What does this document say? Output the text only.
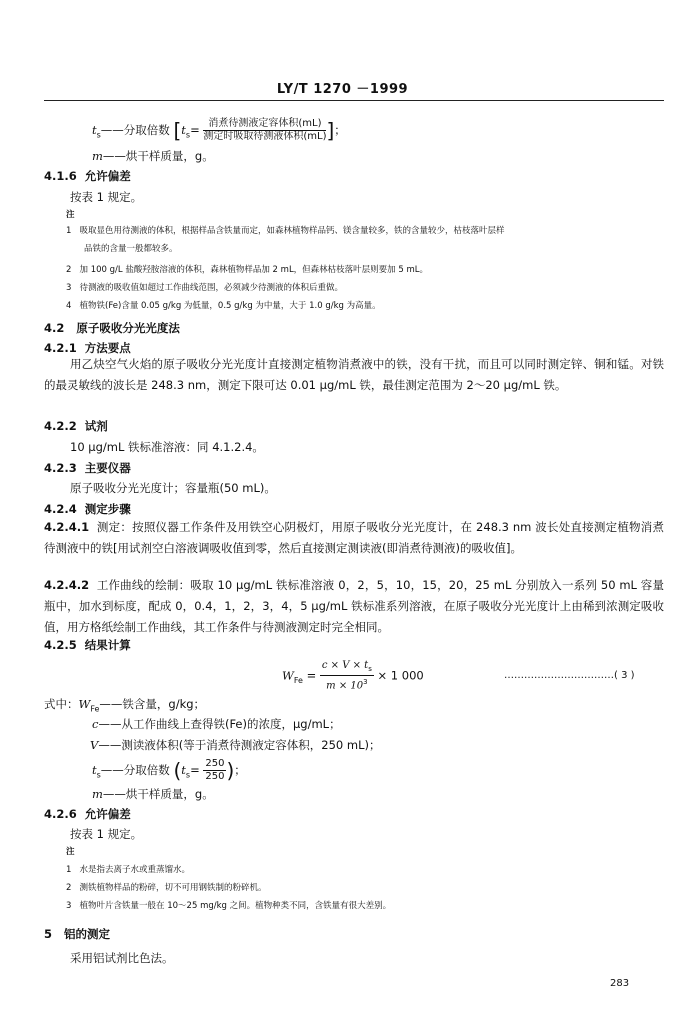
LY/T 1270 －1999
$t_s——$分取倍数 [$t_s= \frac{\text{消煮待测液定容体积(mL)}}{\text{测定时吸取待测液体积(mL)}}$ ]；
m——烘干样质量，g。
4.1.6 允许偏差
按表 1 规定。
注
1 吸取显色用待测液的体积，根据样品含铁量而定，如森林植物样品钙、镁含量较多，铁的含量较少，枯枝落叶层样
品铁的含量一般都较多。
2 加 100 g/L 盐酸羟胺溶液的体积，森林植物样品加 2 mL，但森林枯枝落叶层则要加 5 mL。
3 待测液的吸收值如超过工作曲线范围，必须减少待测液的体积后重做。
4 植物铁(Fe)含量 0.05 g/kg 为低量，0.5 g/kg 为中量，大于 1.0 g/kg 为高量。
4.2 原子吸收分光光度法
4.2.1 方法要点
用乙炔空气火焰的原子吸收分光光度计直接测定植物消煮液中的铁，没有干扰，而且可以同时测定锌、铜和锰。对铁的最灵敏线的波长是 248.3 nm，测定下限可达 0.01 μg/mL 铁，最佳测定范围为 2～20 μg/mL 铁。
4.2.2 试剂
10 μg/mL 铁标准溶液：同 4.1.2.4。
4.2.3 主要仪器
原子吸收分光光度计；容量瓶(50 mL)。
4.2.4 测定步骤
4.2.4.1 测定：按照仪器工作条件及用铁空心阴极灯，用原子吸收分光光度计，在 248.3 nm 波长处直接测定植物消煮待测液中的铁[用试剂空白溶液调吸收值到零，然后直接测定测读液(即消煮待测液)的吸收值]。
4.2.4.2 工作曲线的绘制：吸取 10 μg/mL 铁标准溶液 0，2，5，10，15，20，25 mL 分别放入一系列 50 mL 容量瓶中，加水到标度，配成 0，0.4，1，2，3，4，5 μg/mL 铁标准系列溶液，在原子吸收分光光度计上由稀到浓测定吸收值，用方格纸绘制工作曲线，其工作条件与待测液测定时完全相同。
4.2.5 结果计算
$W_{Fe} = \frac{c \times V \times t_s}{m \times 10^3} \times 1$ 000	……………………………( 3 )
式中：$W_{Fe}——$铁含量，g/kg；
c——从工作曲线上查得铁(Fe)的浓度，μg/mL；
V——测读液体积(等于消煮待测液定容体积，250 mL)；
$t_s——$分取倍数 ($t_s= \frac{250}{250}$ )；
m——烘干样质量，g。
4.2.6 允许偏差
按表 1 规定。
注
1 水是指去离子水或重蒸馏水。
2 测铁植物样品的粉碎，切不可用钢铁制的粉碎机。
3 植物叶片含铁量一般在 10～25 mg/kg 之间。植物种类不同，含铁量有很大差别。
5 铝的测定
采用铝试剂比色法。
283
